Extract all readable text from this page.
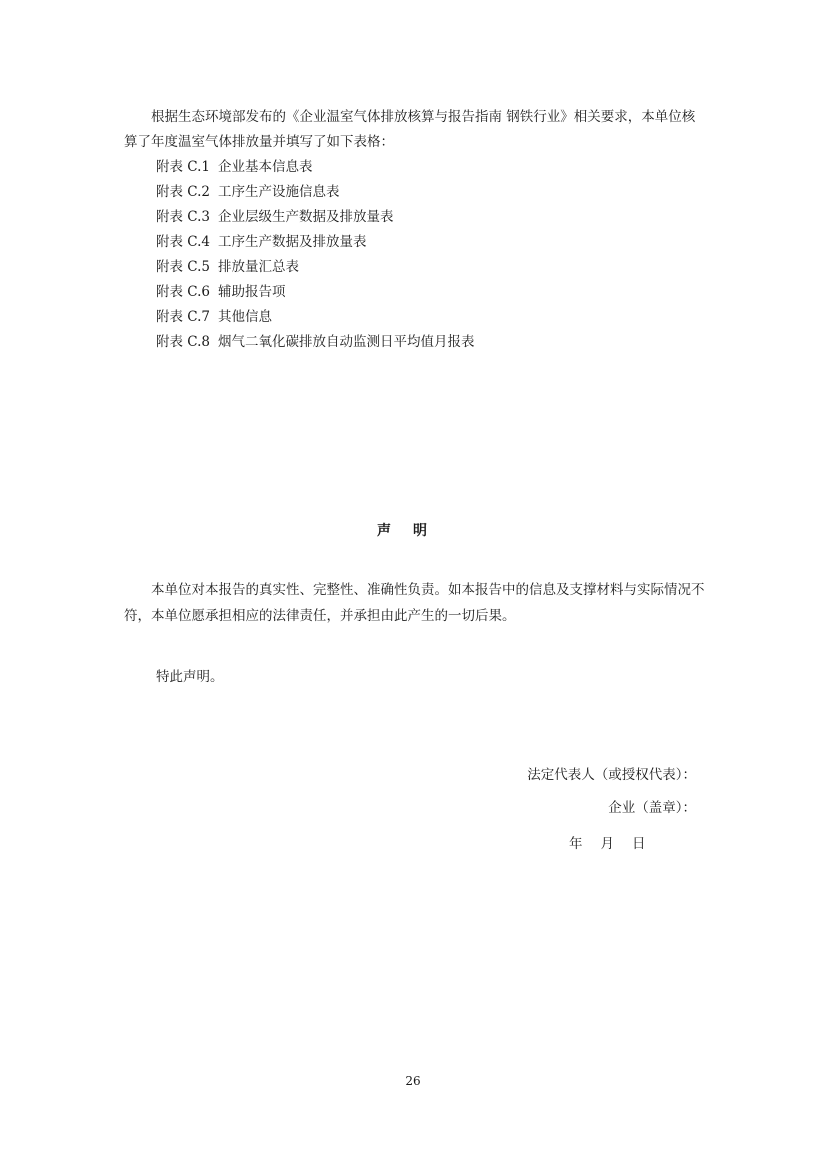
根据生态环境部发布的《企业温室气体排放核算与报告指南 钢铁行业》相关要求，本单位核算了年度温室气体排放量并填写了如下表格：

附表 C.1 企业基本信息表
附表 C.2 工序生产设施信息表
附表 C.3 企业层级生产数据及排放量表
附表 C.4 工序生产数据及排放量表
附表 C.5 排放量汇总表
附表 C.6 辅助报告项
附表 C.7 其他信息
附表 C.8 烟气二氧化碳排放自动监测日平均值月报表
声明

本单位对本报告的真实性、完整性、准确性负责。如本报告中的信息及支撑材料与实际情况不符，本单位愿承担相应的法律责任，并承担由此产生的一切后果。

特此声明。

法定代表人（或授权代表）：
企业（盖章）：
年 月 日
26
